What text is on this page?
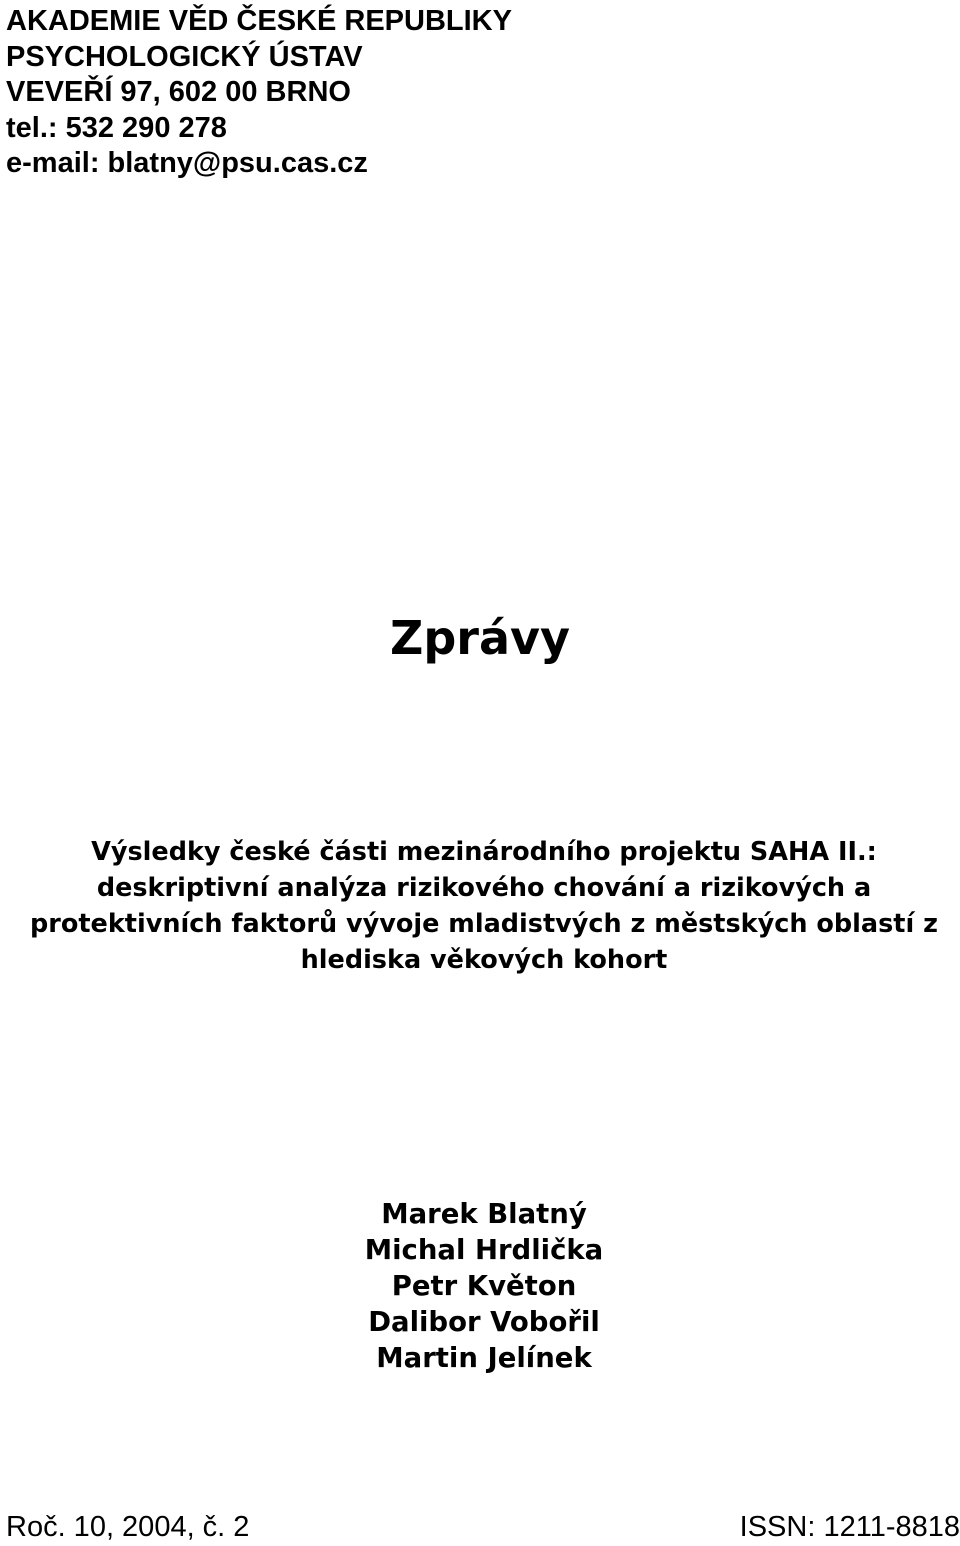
AKADEMIE VĚD ČESKÉ REPUBLIKY
PSYCHOLOGICKÝ ÚSTAV
VEVEŘÍ 97, 602 00 BRNO
tel.: 532 290 278
e-mail: blatny@psu.cas.cz
Zprávy
Výsledky české části mezinárodního projektu SAHA II.:
deskriptivní analýza rizikového chování a rizikových a
protektivních faktorů vývoje mladistvých z městských oblastí z
hlediska věkových kohort
Marek Blatný
Michal Hrdlička
Petr Květon
Dalibor Vobořil
Martin Jelínek
Roč. 10, 2004, č. 2	ISSN: 1211-8818
